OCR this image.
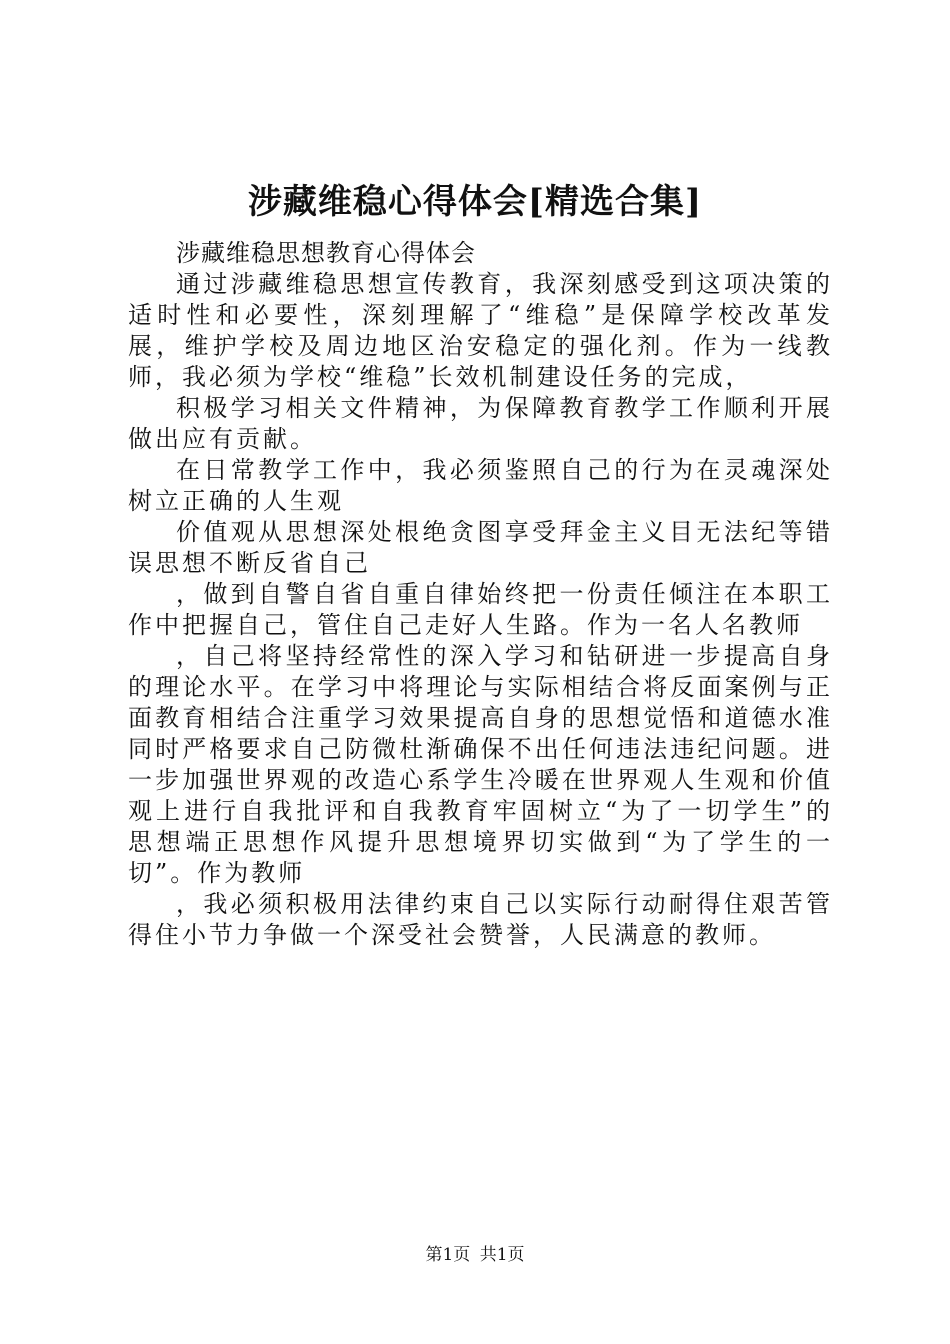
涉藏维稳心得体会[精选合集]

涉藏维稳思想教育心得体会

通过涉藏维稳思想宣传教育，我深刻感受到这项决策的适时性和必要性，深刻理解了“维稳”是保障学校改革发展，维护学校及周边地区治安稳定的强化剂。作为一线教师，我必须为学校“维稳”长效机制建设任务的完成，

积极学习相关文件精神，为保障教育教学工作顺利开展做出应有贡献。

在日常教学工作中，我必须鉴照自己的行为在灵魂深处树立正确的人生观

价值观从思想深处根绝贪图享受拜金主义目无法纪等错误思想不断反省自己

，做到自警自省自重自律始终把一份责任倾注在本职工作中把握自己，管住自己走好人生路。作为一名人名教师

，自己将坚持经常性的深入学习和钻研进一步提高自身的理论水平。在学习中将理论与实际相结合将反面案例与正面教育相结合注重学习效果提高自身的思想觉悟和道德水准同时严格要求自己防微杜渐确保不出任何违法违纪问题。进一步加强世界观的改造心系学生冷暖在世界观人生观和价值观上进行自我批评和自我教育牢固树立“为了一切学生”的思想端正思想作风提升思想境界切实做到“为了学生的一切”。作为教师

，我必须积极用法律约束自己以实际行动耐得住艰苦管得住小节力争做一个深受社会赞誉，人民满意的教师。

第1页 共1页
